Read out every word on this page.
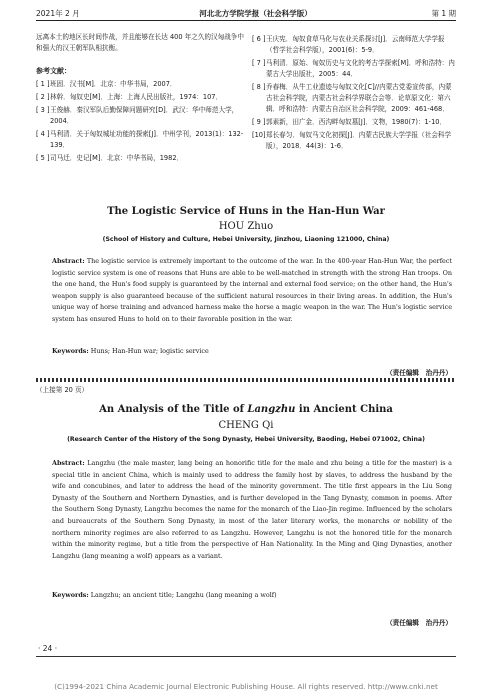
2021年 2 月	河北北方学院学报（社会科学版）	第 1 期

远离本土的地区长时间作战，并且能够在长达 400 年之久的汉匈战争中和强大的汉王朝军队相抗衡。

参考文献：
[ 1 ] 班固．汉书[M]．北京：中华书局，2007．
[ 2 ] 林幹．匈奴史[M]．上海：上海人民出版社，1974：107．
[ 3 ] 王俊赫．秦汉军队后勤保障问题研究[D]．武汉：华中师范大学，2004．
[ 4 ] 马利清．关于匈奴城址功能的探索[J]．中州学刊，2013(1)：132-139．
[ 5 ] 司马迁．史记[M]．北京：中华书局，1982．
[ 6 ] 王庆宪．匈奴食草马化与农业关系探讨[J]．云南师范大学学报（哲学社会科学版），2001(6)：5-9．
[ 7 ] 马利清．原始、匈奴历史与文化的考古学探索[M]．呼和浩特：内蒙古大学出版社，2005：44．
[ 8 ] 乔春梅．从牛工业遗迹与匈奴文化[C]//内蒙古党委宣传部，内蒙古社会科学院，内蒙古社会科学界联合会等．论草原文化：第六辑．呼和浩特：内蒙古自治区社会科学院，2009：461-468．
[ 9 ] 郭素新，田广金．西沟畔匈奴墓[J]．文物，1980(7)：1-10．
[10] 郑长春匀．匈奴马文化初探[J]．内蒙古民族大学学报（社会科学版），2018．44(3)：1-6．
The Logistic Service of Huns in the Han-Hun War
HOU Zhuo
(School of History and Culture, Hebei University, Jinzhou, Liaoning 121000, China)
Abstract: The logistic service is extremely important to the outcome of the war. In the 400-year Han-Hun War, the perfect logistic service system is one of reasons that Huns are able to be well-matched in strength with the strong Han troops. On the one hand, the Hun's food supply is guaranteed by the internal and external food service; on the other hand, the Hun's weapon supply is also guaranteed because of the sufficient natural resources in their living areas. In addition, the Hun's unique way of horse training and advanced harness make the horse a magic weapon in the war. The Hun's logistic service system has ensured Huns to hold on to their favorable position in the war.
Keywords: Huns; Han-Hun war; logistic service
（责任编辑　治丹丹）
（上接第 20 页）
An Analysis of the Title of Langzhu in Ancient China
CHENG Qi
(Research Center of the History of the Song Dynasty, Hebei University, Baoding, Hebei 071002, China)
Abstract: Langzhu (the male master, lang being an honorific title for the male and zhu being a title for the master) is a special title in ancient China, which is mainly used to address the family host by slaves, to address the husband by the wife and concubines, and later to address the head of the minority government. The title first appears in the Liu Song Dynasty of the Southern and Northern Dynasties, and is further developed in the Tang Dynasty, common in poems. After the Southern Song Dynasty, Langzhu becomes the name for the monarch of the Liao-Jin regime. Influenced by the scholars and bureaucrats of the Southern Song Dynasty, in most of the later literary works, the monarchs or nobility of the northern minority regimes are also referred to as Langzhu. However, Langzhu is not the honored title for the monarch within the minority regime, but a title from the perspective of Han Nationality. In the Ming and Qing Dynasties, another Langzhu (lang meaning a wolf) appears as a variant.
Keywords: Langzhu; an ancient title; Langzhu (lang meaning a wolf)
（责任编辑　治丹丹）
· 24 ·
(C)1994-2021 China Academic Journal Electronic Publishing House. All rights reserved. http://www.cnki.net
